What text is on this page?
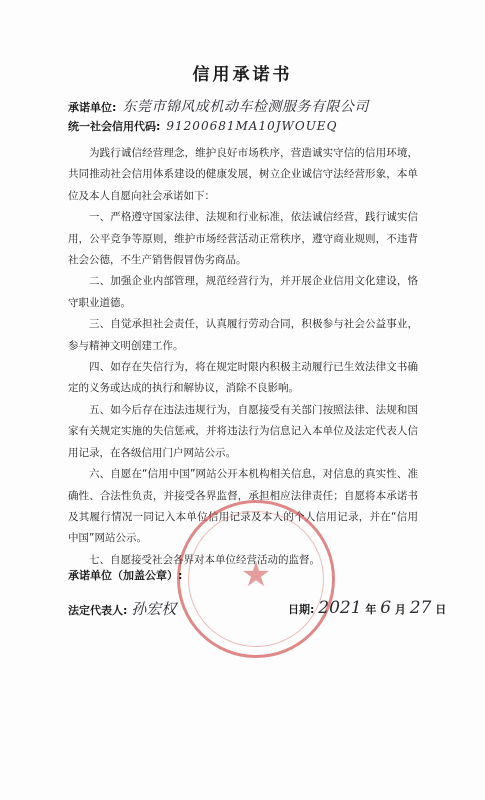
信用承诺书
承诺单位: 东莞市锦风成机动车检测服务有限公司
统一社会信用代码: 91200681MA10JWOUEQ

为践行诚信经营理念，维护良好市场秩序，营造诚实守信的信用环境，共同推动社会信用体系建设的健康发展，树立企业诚信守法经营形象，本单位及本人自愿向社会承诺如下：

一、严格遵守国家法律、法规和行业标准，依法诚信经营，践行诚实信用，公平竞争等原则，维护市场经营活动正常秩序，遵守商业规则，不违背社会公德，不生产销售假冒伪劣商品。

二、加强企业内部管理，规范经营行为，并开展企业信用文化建设，恪守职业道德。

三、自觉承担社会责任，认真履行劳动合同，积极参与社会公益事业，参与精神文明创建工作。

四、如存在失信行为，将在规定时限内积极主动履行已生效法律文书确定的义务或达成的执行和解协议，消除不良影响。

五、如今后存在违法违规行为，自愿接受有关部门按照法律、法规和国家有关规定实施的失信惩戒，并将违法行为信息记入本单位及法定代表人信用记录，在各级信用门户网站公示。

六、自愿在“信用中国”网站公开本机构相关信息，对信息的真实性、准确性、合法性负责，并接受各界监督，承担相应法律责任；自愿将本承诺书及其履行情况一同记入本单位信用记录及本人的个人信用记录，并在“信用中国”网站公示。

七、自愿接受社会各界对本单位经营活动的监督。

★
承诺单位（加盖公章）:
法定代表人: 孙宏权	日期: 2021 年 6 月 27 日
